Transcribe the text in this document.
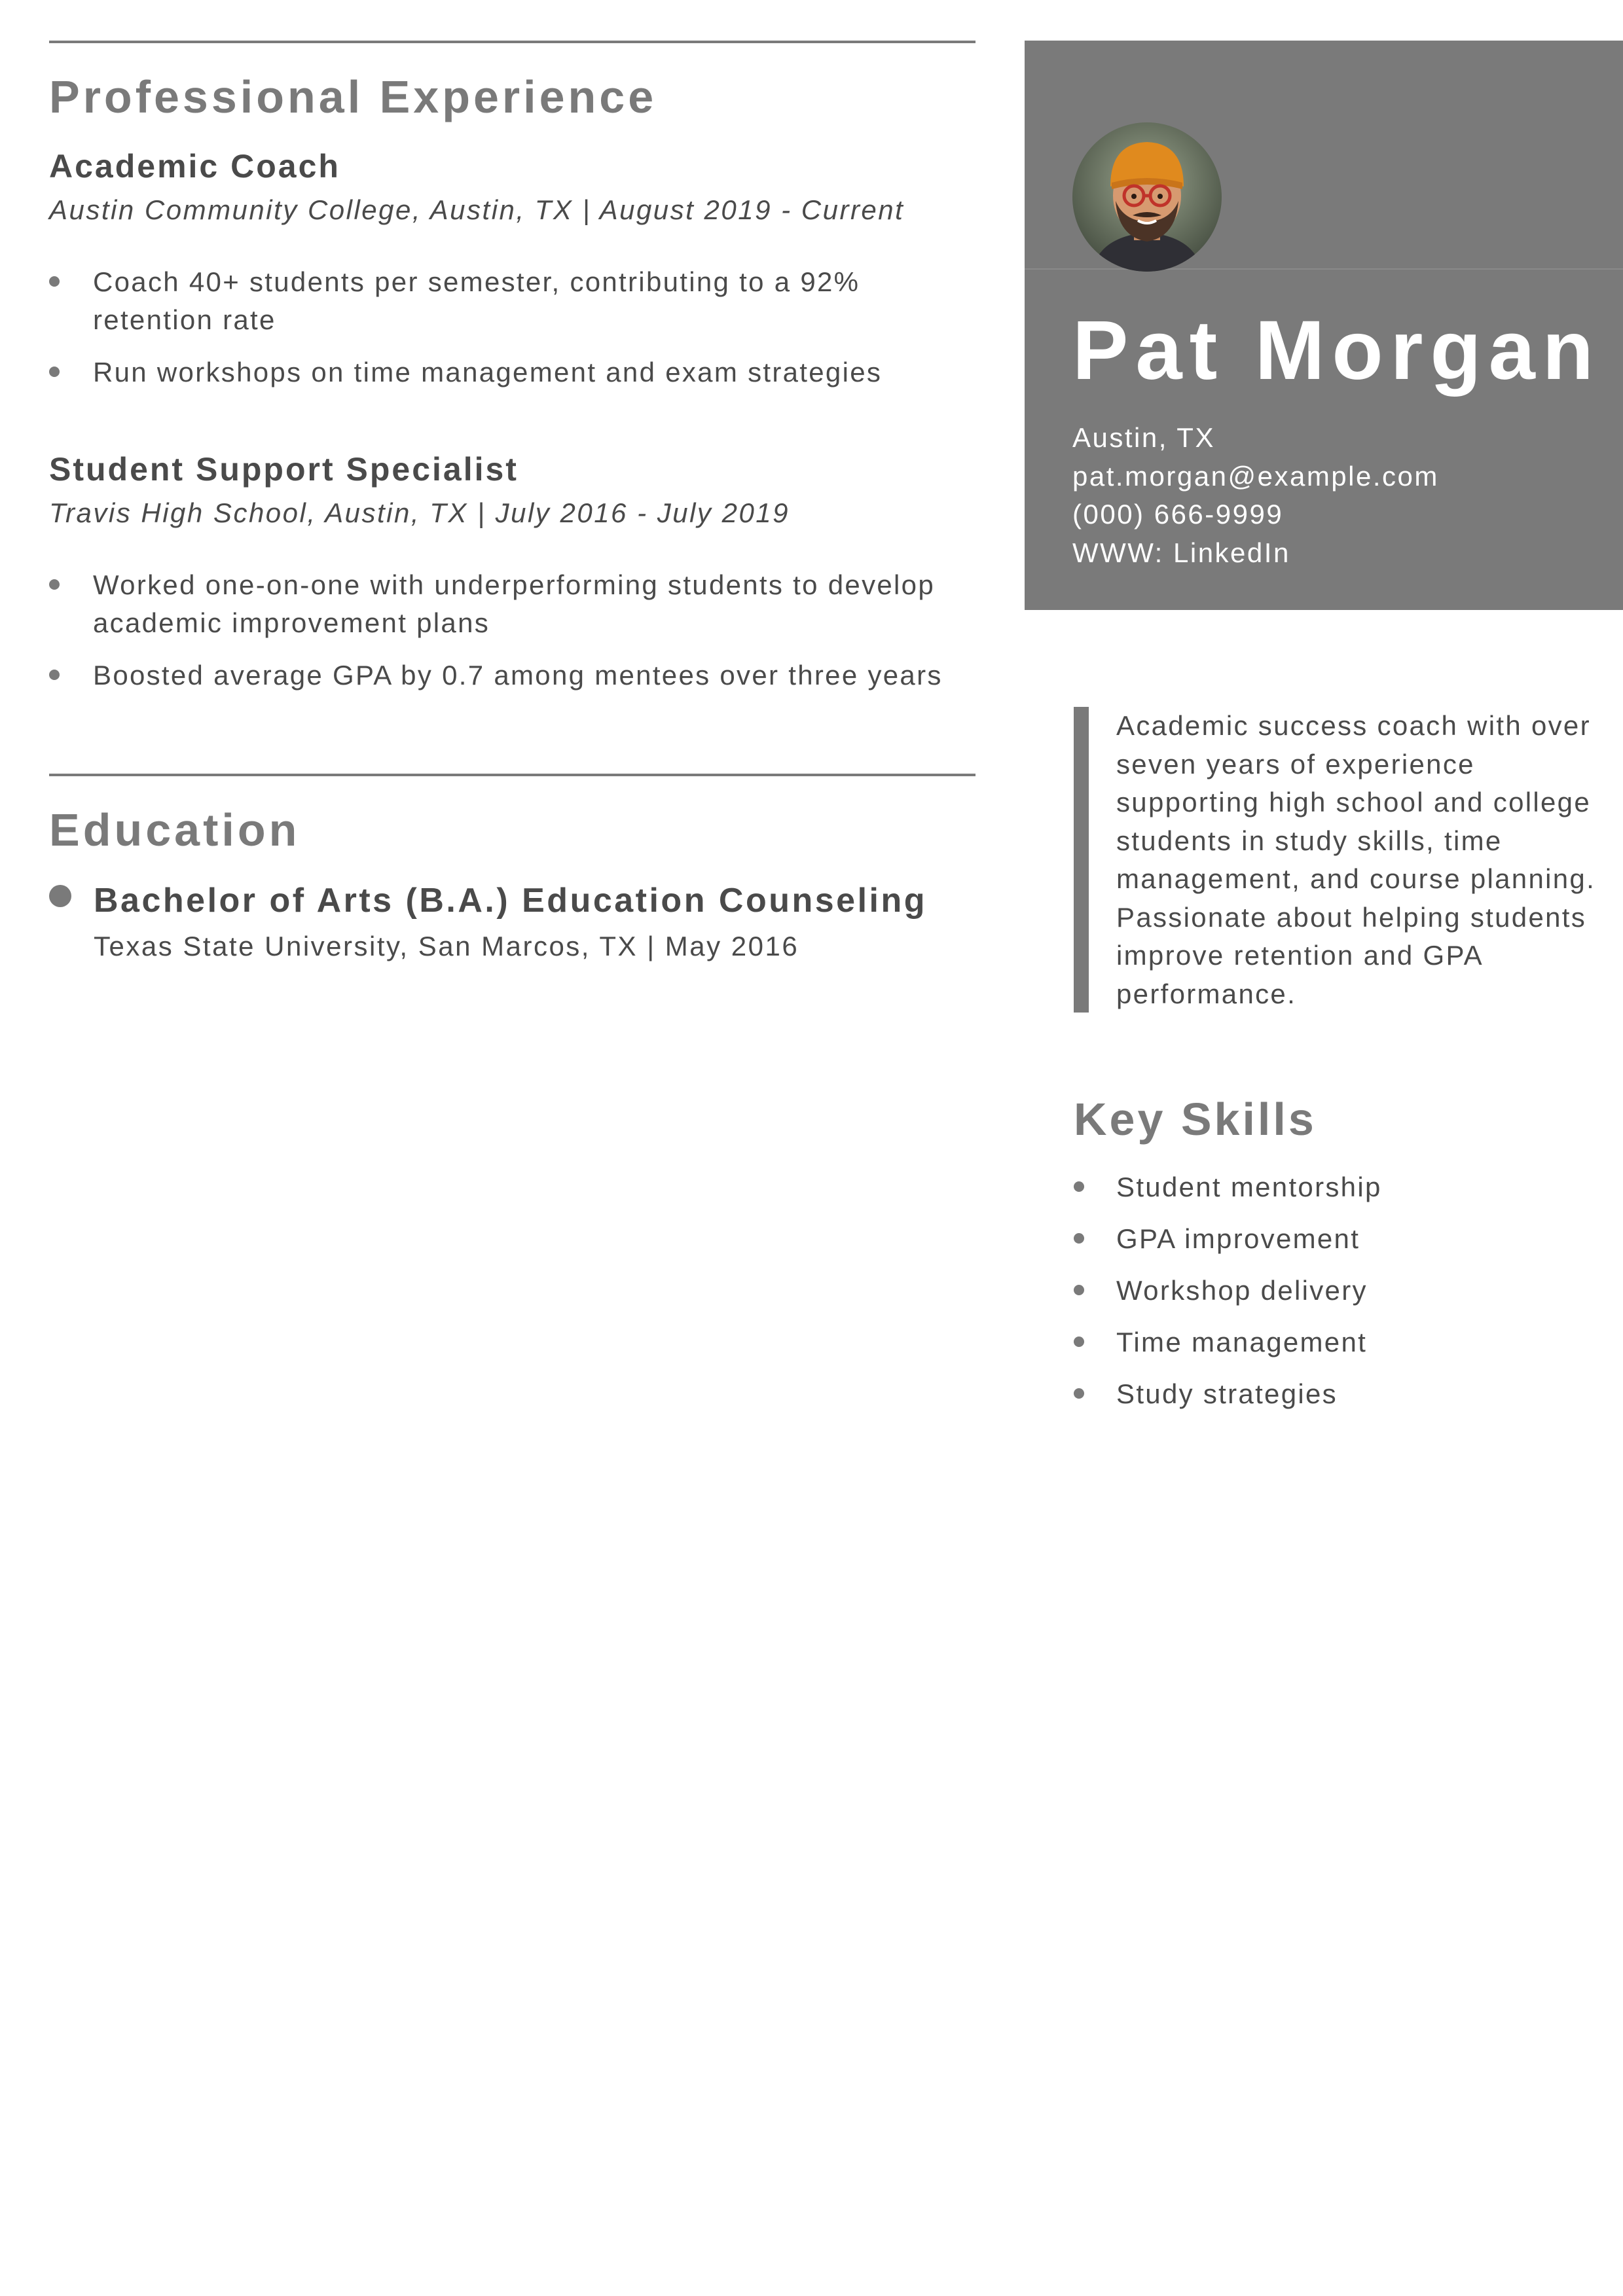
Professional Experience
Academic Coach
Austin Community College, Austin, TX | August 2019 - Current
Coach 40+ students per semester, contributing to a 92% retention rate
Run workshops on time management and exam strategies
Student Support Specialist
Travis High School, Austin, TX | July 2016 - July 2019
Worked one-on-one with underperforming students to develop academic improvement plans
Boosted average GPA by 0.7 among mentees over three years
Education
Bachelor of Arts (B.A.) Education Counseling
Texas State University, San Marcos, TX | May 2016
Pat Morgan
Austin, TX
pat.morgan@example.com
(000) 666-9999
WWW: LinkedIn
Academic success coach with over seven years of experience supporting high school and college students in study skills, time management, and course planning. Passionate about helping students improve retention and GPA performance.
Key Skills
Student mentorship
GPA improvement
Workshop delivery
Time management
Study strategies
